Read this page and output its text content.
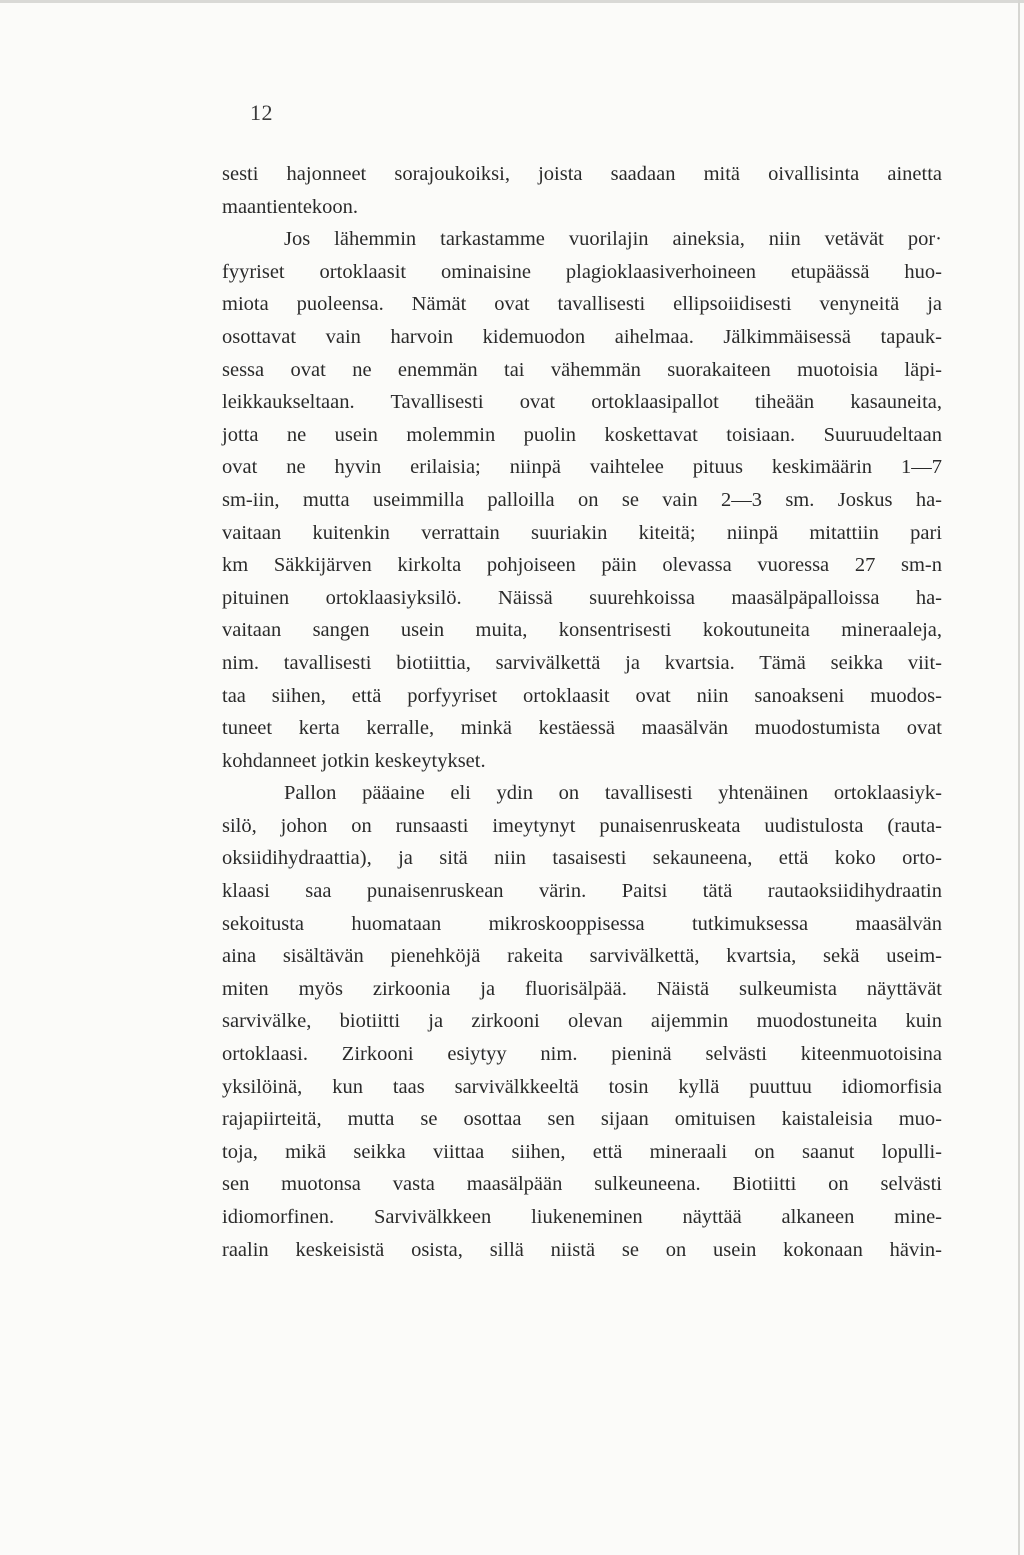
12
sesti hajonneet sorajoukoiksi, joista saadaan mitä oivallisinta ainetta
maantientekoon.
Jos lähemmin tarkastamme vuorilajin aineksia, niin vetävät por·
fyyriset ortoklaasit ominaisine plagioklaasiverhoineen etupäässä huo-
miota puoleensa. Nämät ovat tavallisesti ellipsoiidisesti venyneitä ja
osottavat vain harvoin kidemuodon aihelmaa. Jälkimmäisessä tapauk-
sessa ovat ne enemmän tai vähemmän suorakaiteen muotoisia läpi-
leikkaukseltaan. Tavallisesti ovat ortoklaasipallot tiheään kasauneita,
jotta ne usein molemmin puolin koskettavat toisiaan. Suuruudeltaan
ovat ne hyvin erilaisia; niinpä vaihtelee pituus keskimäärin 1—7
sm-iin, mutta useimmilla palloilla on se vain 2—3 sm. Joskus ha-
vaitaan kuitenkin verrattain suuriakin kiteitä; niinpä mitattiin pari
km Säkkijärven kirkolta pohjoiseen päin olevassa vuoressa 27 sm-n
pituinen ortoklaasiyksilö. Näissä suurehkoissa maasälpäpalloissa ha-
vaitaan sangen usein muita, konsentrisesti kokoutuneita mineraaleja,
nim. tavallisesti biotiittia, sarvivälkettä ja kvartsia. Tämä seikka viit-
taa siihen, että porfyyriset ortoklaasit ovat niin sanoakseni muodos-
tuneet kerta kerralle, minkä kestäessä maasälvän muodostumista ovat
kohdanneet jotkin keskeytykset.
Pallon pääaine eli ydin on tavallisesti yhtenäinen ortoklaasiyk-
silö, johon on runsaasti imeytynyt punaisenruskeata uudistulosta (rauta-
oksiidihydraattia), ja sitä niin tasaisesti sekauneena, että koko orto-
klaasi saa punaisenruskean värin. Paitsi tätä rautaoksiidihydraatin
sekoitusta huomataan mikroskooppisessa tutkimuksessa maasälvän
aina sisältävän pienehköjä rakeita sarvivälkettä, kvartsia, sekä useim-
miten myös zirkoonia ja fluorisälpää. Näistä sulkeumista näyttävät
sarvivälke, biotiitti ja zirkooni olevan aijemmin muodostuneita kuin
ortoklaasi. Zirkooni esiytyy nim. pieninä selvästi kiteenmuotoisina
yksilöinä, kun taas sarvivälkkeeltä tosin kyllä puuttuu idiomorfisia
rajapiirteitä, mutta se osottaa sen sijaan omituisen kaistaleisia muo-
toja, mikä seikka viittaa siihen, että mineraali on saanut lopulli-
sen muotonsa vasta maasälpään sulkeuneena. Biotiitti on selvästi
idiomorfinen. Sarvivälkkeen liukeneminen näyttää alkaneen mine-
raalin keskeisistä osista, sillä niistä se on usein kokonaan hävin-
